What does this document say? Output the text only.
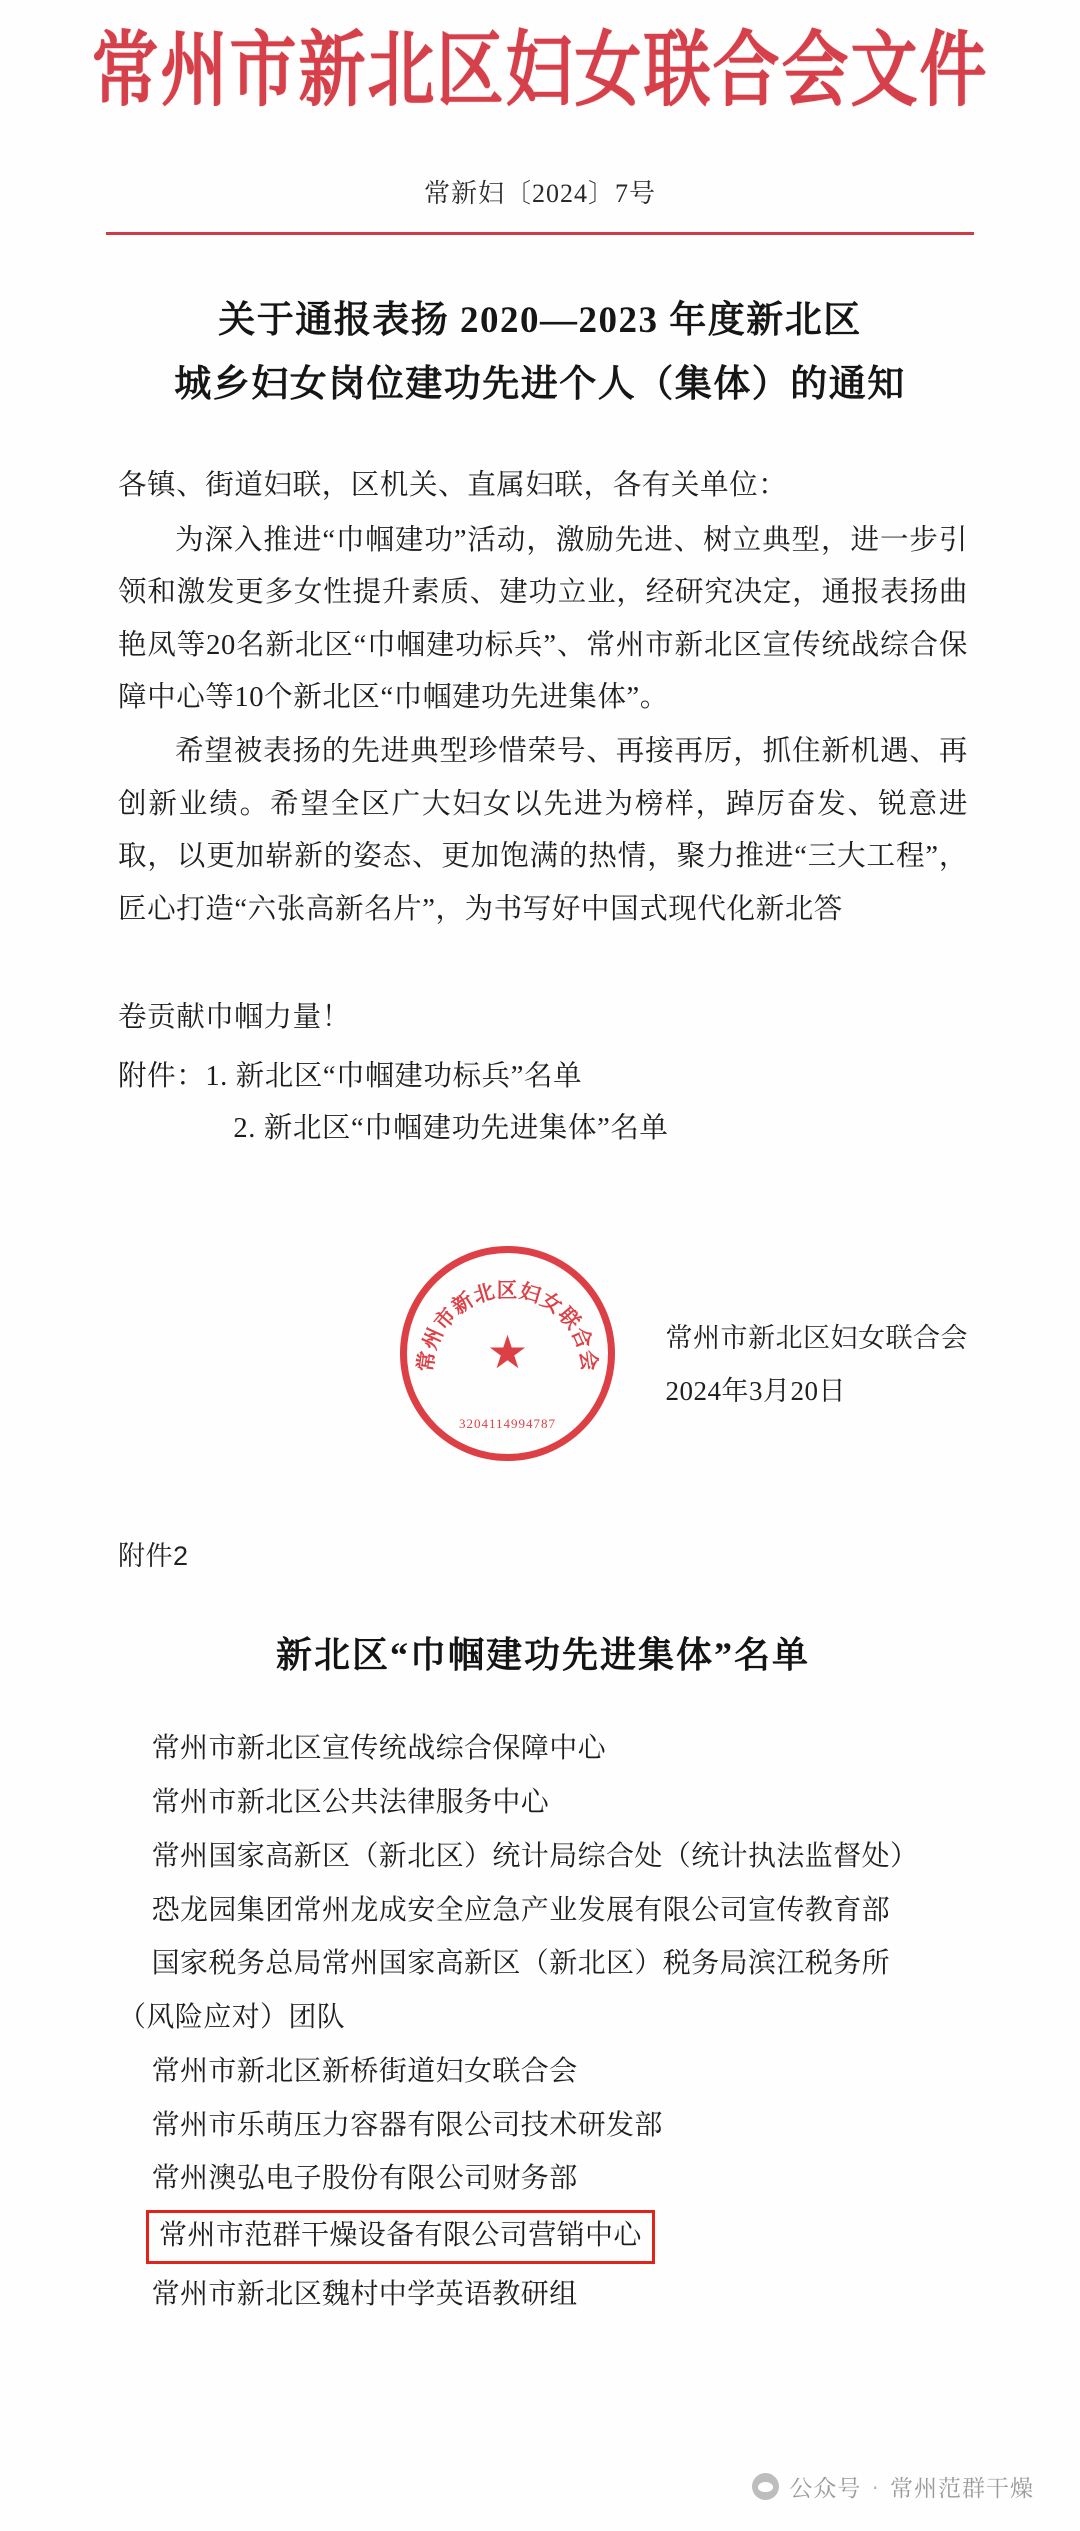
常州市新北区妇女联合会文件
常新妇〔2024〕7号
关于通报表扬 2020—2023 年度新北区
城乡妇女岗位建功先进个人（集体）的通知
各镇、街道妇联，区机关、直属妇联，各有关单位：
为深入推进“巾帼建功”活动，激励先进、树立典型，进一步引领和激发更多女性提升素质、建功立业，经研究决定，通报表扬曲艳凤等20名新北区“巾帼建功标兵”、常州市新北区宣传统战综合保障中心等10个新北区“巾帼建功先进集体”。
希望被表扬的先进典型珍惜荣号、再接再厉，抓住新机遇、再创新业绩。希望全区广大妇女以先进为榜样，踔厉奋发、锐意进取，以更加崭新的姿态、更加饱满的热情，聚力推进“三大工程”，匠心打造“六张高新名片”，为书写好中国式现代化新北答
卷贡献巾帼力量！
附件：1. 新北区“巾帼建功标兵”名单
2. 新北区“巾帼建功先进集体”名单
常州市新北区妇女联合会
★
3204114994787
常州市新北区妇女联合会
2024年3月20日
附件2
新北区“巾帼建功先进集体”名单
常州市新北区宣传统战综合保障中心
常州市新北区公共法律服务中心
常州国家高新区（新北区）统计局综合处（统计执法监督处）
恐龙园集团常州龙成安全应急产业发展有限公司宣传教育部
国家税务总局常州国家高新区（新北区）税务局滨江税务所
（风险应对）团队
常州市新北区新桥街道妇女联合会
常州市乐萌压力容器有限公司技术研发部
常州澳弘电子股份有限公司财务部
常州市范群干燥设备有限公司营销中心
常州市新北区魏村中学英语教研组
公众号 · 常州范群干燥
